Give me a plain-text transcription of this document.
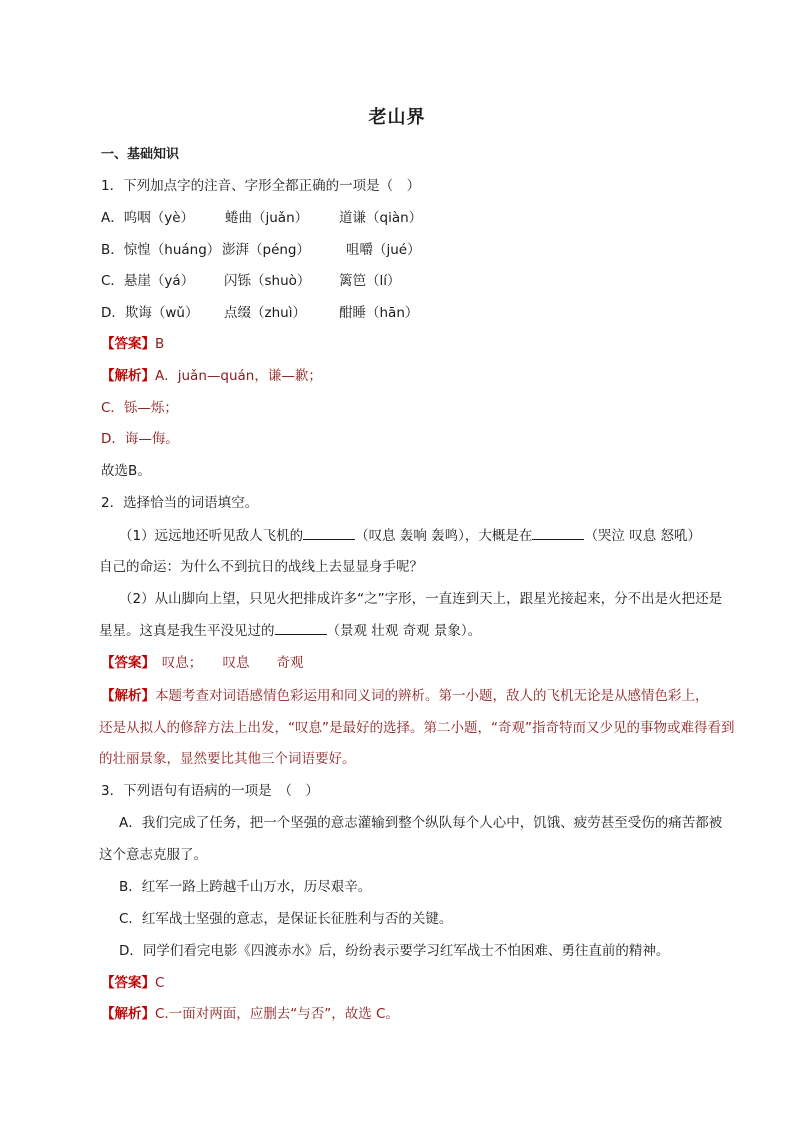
老山界
一、基础知识
1．下列加点字的注音、字形全都正确的一项是（　）
A．呜咽（yè） 蜷曲（juǎn） 道谦（qiàn）
B．惊惶（huáng） 澎湃（péng）	咀嚼（jué）
C．悬崖（yá） 闪铄（shuò） 篱笆（lí）
D．欺诲（wǔ） 点缀（zhuì） 酣睡（hān）
【答案】B
【解析】A．juǎn—quán，谦—歉；
C．铄—烁；
D．诲—侮。
故选B。
2．选择恰当的词语填空。
（1）远远地还听见敌人飞机的	（叹息 轰响 轰鸣），大概是在	（哭泣 叹息 怒吼）
自己的命运：为什么不到抗日的战线上去显显身手呢？
（2）从山脚向上望，只见火把排成许多“之”字形，一直连到天上，跟星光接起来，分不出是火把还是
星星。这真是我生平没见过的	（景观 壮观 奇观 景象）。
【答案】　叹息；　　叹息　　奇观
【解析】本题考查对词语感情色彩运用和同义词的辨析。第一小题，敌人的飞机无论是从感情色彩上，
还是从拟人的修辞方法上出发，“叹息”是最好的选择。第二小题，“奇观”指奇特而又少见的事物或难得看到
的壮丽景象，显然要比其他三个词语要好。
3．下列语句有语病的一项是　（　）
A．我们完成了任务，把一个坚强的意志灌输到整个纵队每个人心中，饥饿、疲劳甚至受伤的痛苦都被
这个意志克服了。
B．红军一路上跨越千山万水，历尽艰辛。
C．红军战士坚强的意志，是保证长征胜利与否的关键。
D．同学们看完电影《四渡赤水》后，纷纷表示要学习红军战士不怕困难、勇往直前的精神。
【答案】C
【解析】C.一面对两面，应删去“与否”，故选 C。
